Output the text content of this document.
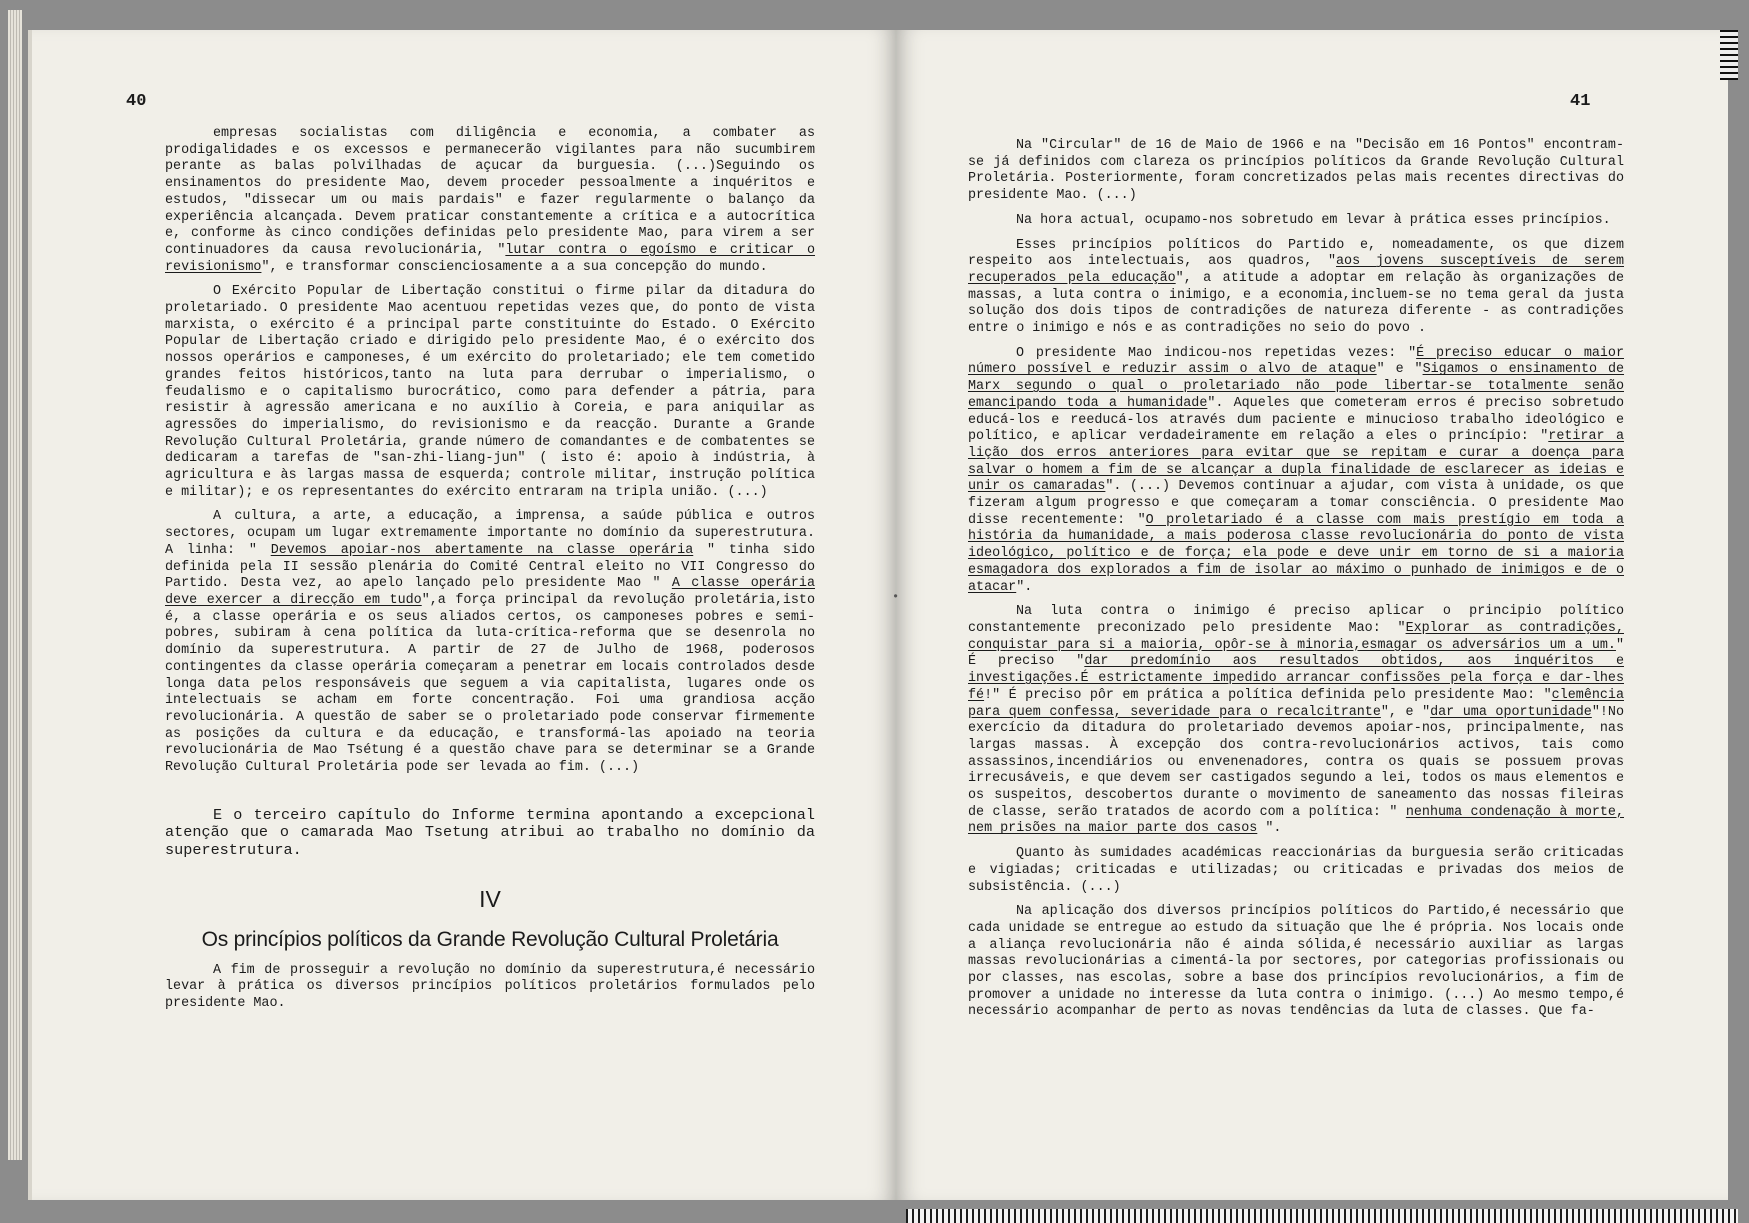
40	41

empresas socialistas com diligência e economia, a combater as prodigalidades e os excessos e permanecerão vigilantes para não sucumbirem perante as balas polvilhadas de açucar da burguesia. (...)Seguindo os ensinamentos do presidente Mao, devem proceder pessoalmente a inquéritos e estudos, "dissecar um ou mais pardais" e fazer regularmente o balanço da experiência alcançada. Devem praticar constantemente a crítica e a autocrítica e, conforme às cinco condições definidas pelo presidente Mao, para virem a ser continuadores da causa revolucionária, "lutar contra o egoísmo e criticar o revisionismo", e transformar conscienciosamente a a sua concepção do mundo.

O Exército Popular de Libertação constitui o firme pilar da ditadura do proletariado. O presidente Mao acentuou repetidas vezes que, do ponto de vista marxista, o exército é a principal parte constituinte do Estado. O Exército Popular de Libertação criado e dirigido pelo presidente Mao, é o exército dos nossos operários e camponeses, é um exército do proletariado; ele tem cometido grandes feitos históricos,tanto na luta para derrubar o imperialismo, o feudalismo e o capitalismo burocrático, como para defender a pátria, para resistir à agressão americana e no auxílio à Coreia, e para aniquilar as agressões do imperialismo, do revisionismo e da reacção. Durante a Grande Revolução Cultural Proletária, grande número de comandantes e de combatentes se dedicaram a tarefas de "san-zhi-liang-jun" ( isto é: apoio à indústria, à agricultura e às largas massa de esquerda; controle militar, instrução política e militar); e os representantes do exército entraram na tripla união. (...)

A cultura, a arte, a educação, a imprensa, a saúde pública e outros sectores, ocupam um lugar extremamente importante no domínio da superestrutura. A linha: " Devemos apoiar-nos abertamente na classe operária " tinha sido definida pela II sessão plenária do Comité Central eleito no VII Congresso do Partido. Desta vez, ao apelo lançado pelo presidente Mao " A classe operária deve exercer a direcção em tudo",a força principal da revolução proletária,isto é, a classe operária e os seus aliados certos, os camponeses pobres e semi-pobres, subiram à cena política da luta-crítica-reforma que se desenrola no domínio da superestrutura. A partir de 27 de Julho de 1968, poderosos contingentes da classe operária começaram a penetrar em locais controlados desde longa data pelos responsáveis que seguem a via capitalista, lugares onde os intelectuais se acham em forte concentração. Foi uma grandiosa acção revolucionária. A questão de saber se o proletariado pode conservar firmemente as posições da cultura e da educação, e transformá-las apoiado na teoria revolucionária de Mao Tsétung é a questão chave para se determinar se a Grande Revolução Cultural Proletária pode ser levada ao fim. (...)

E o terceiro capítulo do Informe termina apontando a excepcional atenção que o camarada Mao Tsetung atribui ao trabalho no domínio da superestrutura.

IV
Os princípios políticos da Grande Revolução Cultural Proletária

A fim de prosseguir a revolução no domínio da superestrutura,é necessário levar à prática os diversos princípios políticos proletários formulados pelo presidente Mao.

Na "Circular" de 16 de Maio de 1966 e na "Decisão em 16 Pontos" encontram-se já definidos com clareza os princípios políticos da Grande Revolução Cultural Proletária. Posteriormente, foram concretizados pelas mais recentes directivas do presidente Mao. (...)

Na hora actual, ocupamo-nos sobretudo em levar à prática esses princípios.

Esses princípios políticos do Partido e, nomeadamente, os que dizem respeito aos intelectuais, aos quadros, "aos jovens susceptíveis de serem recuperados pela educação", a atitude a adoptar em relação às organizações de massas, a luta contra o inimigo, e a economia,incluem-se no tema geral da justa solução dos dois tipos de contradições de natureza diferente - as contradições entre o inimigo e nós e as contradições no seio do povo .

O presidente Mao indicou-nos repetidas vezes: "É preciso educar o maior número possível e reduzir assim o alvo de ataque" e "Sigamos o ensinamento de Marx segundo o qual o proletariado não pode libertar-se totalmente senão emancipando toda a humanidade". Aqueles que cometeram erros é preciso sobretudo educá-los e reeducá-los através dum paciente e minucioso trabalho ideológico e político, e aplicar verdadeiramente em relação a eles o princípio: "retirar a lição dos erros anteriores para evitar que se repitam e curar a doença para salvar o homem a fim de se alcançar a dupla finalidade de esclarecer as ideias e unir os camaradas". (...) Devemos continuar a ajudar, com vista à unidade, os que fizeram algum progresso e que começaram a tomar consciência. O presidente Mao disse recentemente: "O proletariado é a classe com mais prestígio em toda a história da humanidade, a mais poderosa classe revolucionária do ponto de vista ideológico, político e de força; ela pode e deve unir em torno de si a maioria esmagadora dos explorados a fim de isolar ao máximo o punhado de inimigos e de o atacar".

Na luta contra o inimigo é preciso aplicar o principio político constantemente preconizado pelo presidente Mao: "Explorar as contradições, conquistar para si a maioria, opôr-se à minoria,esmagar os adversários um a um." É preciso "dar predomínio aos resultados obtidos, aos inquéritos e investigações.É estrictamente impedido arrancar confissões pela força e dar-lhes fé!" É preciso pôr em prática a política definida pelo presidente Mao: "clemência para quem confessa, severidade para o recalcitrante", e "dar uma oportunidade"!No exercício da ditadura do proletariado devemos apoiar-nos, principalmente, nas largas massas. À excepção dos contra-revolucionários activos, tais como assassinos,incendiários ou envenenadores, contra os quais se possuem provas irrecusáveis, e que devem ser castigados segundo a lei, todos os maus elementos e os suspeitos, descobertos durante o movimento de saneamento das nossas fileiras de classe, serão tratados de acordo com a política: " nenhuma condenação à morte, nem prisões na maior parte dos casos ".

Quanto às sumidades académicas reaccionárias da burguesia serão criticadas e vigiadas; criticadas e utilizadas; ou criticadas e privadas dos meios de subsistência. (...)

Na aplicação dos diversos princípios políticos do Partido,é necessário que cada unidade se entregue ao estudo da situação que lhe é própria. Nos locais onde a aliança revolucionária não é ainda sólida,é necessário auxiliar as largas massas revolucionárias a cimentá-la por sectores, por categorias profissionais ou por classes, nas escolas, sobre a base dos princípios revolucionários, a fim de promover a unidade no interesse da luta contra o inimigo. (...) Ao mesmo tempo,é necessário acompanhar de perto as novas tendências da luta de classes. Que fa-

•
